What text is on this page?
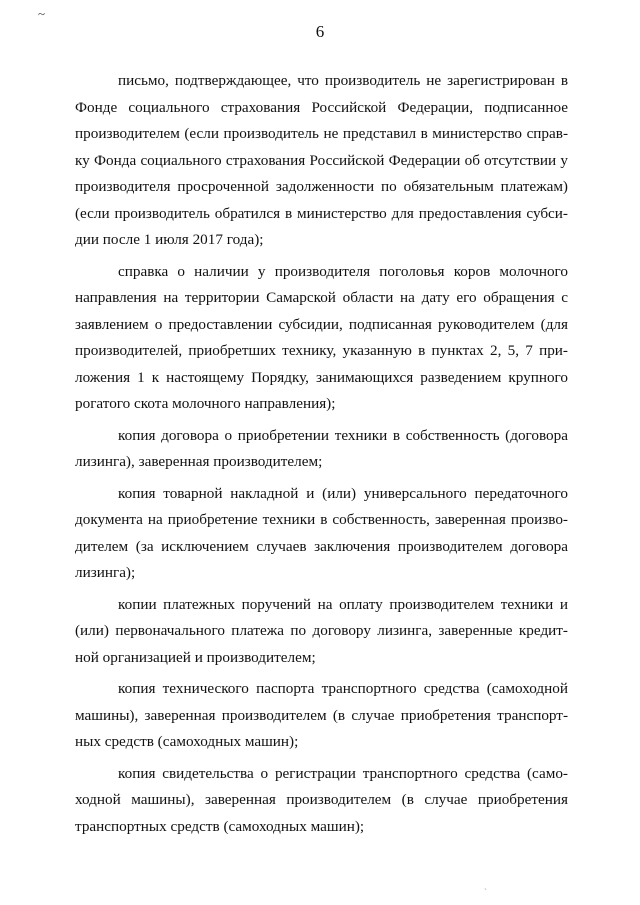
~
6
письмо, подтверждающее, что производитель не зарегистрирован в
Фонде социального страхования Российской Федерации, подписанное
производителем (если производитель не представил в министерство справ-
ку Фонда социального страхования Российской Федерации об отсутствии у
производителя просроченной задолженности по обязательным платежам)
(если производитель обратился в министерство для предоставления субси-
дии после 1 июля 2017 года);
справка о наличии у производителя поголовья коров молочного
направления на территории Самарской области на дату его обращения с
заявлением о предоставлении субсидии, подписанная руководителем (для
производителей, приобретших технику, указанную в пунктах 2, 5, 7 при-
ложения 1 к настоящему Порядку, занимающихся разведением крупного
рогатого скота молочного направления);
копия договора о приобретении техники в собственность (договора
лизинга), заверенная производителем;
копия товарной накладной и (или) универсального передаточного
документа на приобретение техники в собственность, заверенная произво-
дителем (за исключением случаев заключения производителем договора
лизинга);
копии платежных поручений на оплату производителем техники и
(или) первоначального платежа по договору лизинга, заверенные кредит-
ной организацией и производителем;
копия технического паспорта транспортного средства (самоходной
машины), заверенная производителем (в случае приобретения транспорт-
ных средств (самоходных машин);
копия свидетельства о регистрации транспортного средства (само-
ходной машины), заверенная производителем (в случае приобретения
транспортных средств (самоходных машин);
ˎ
